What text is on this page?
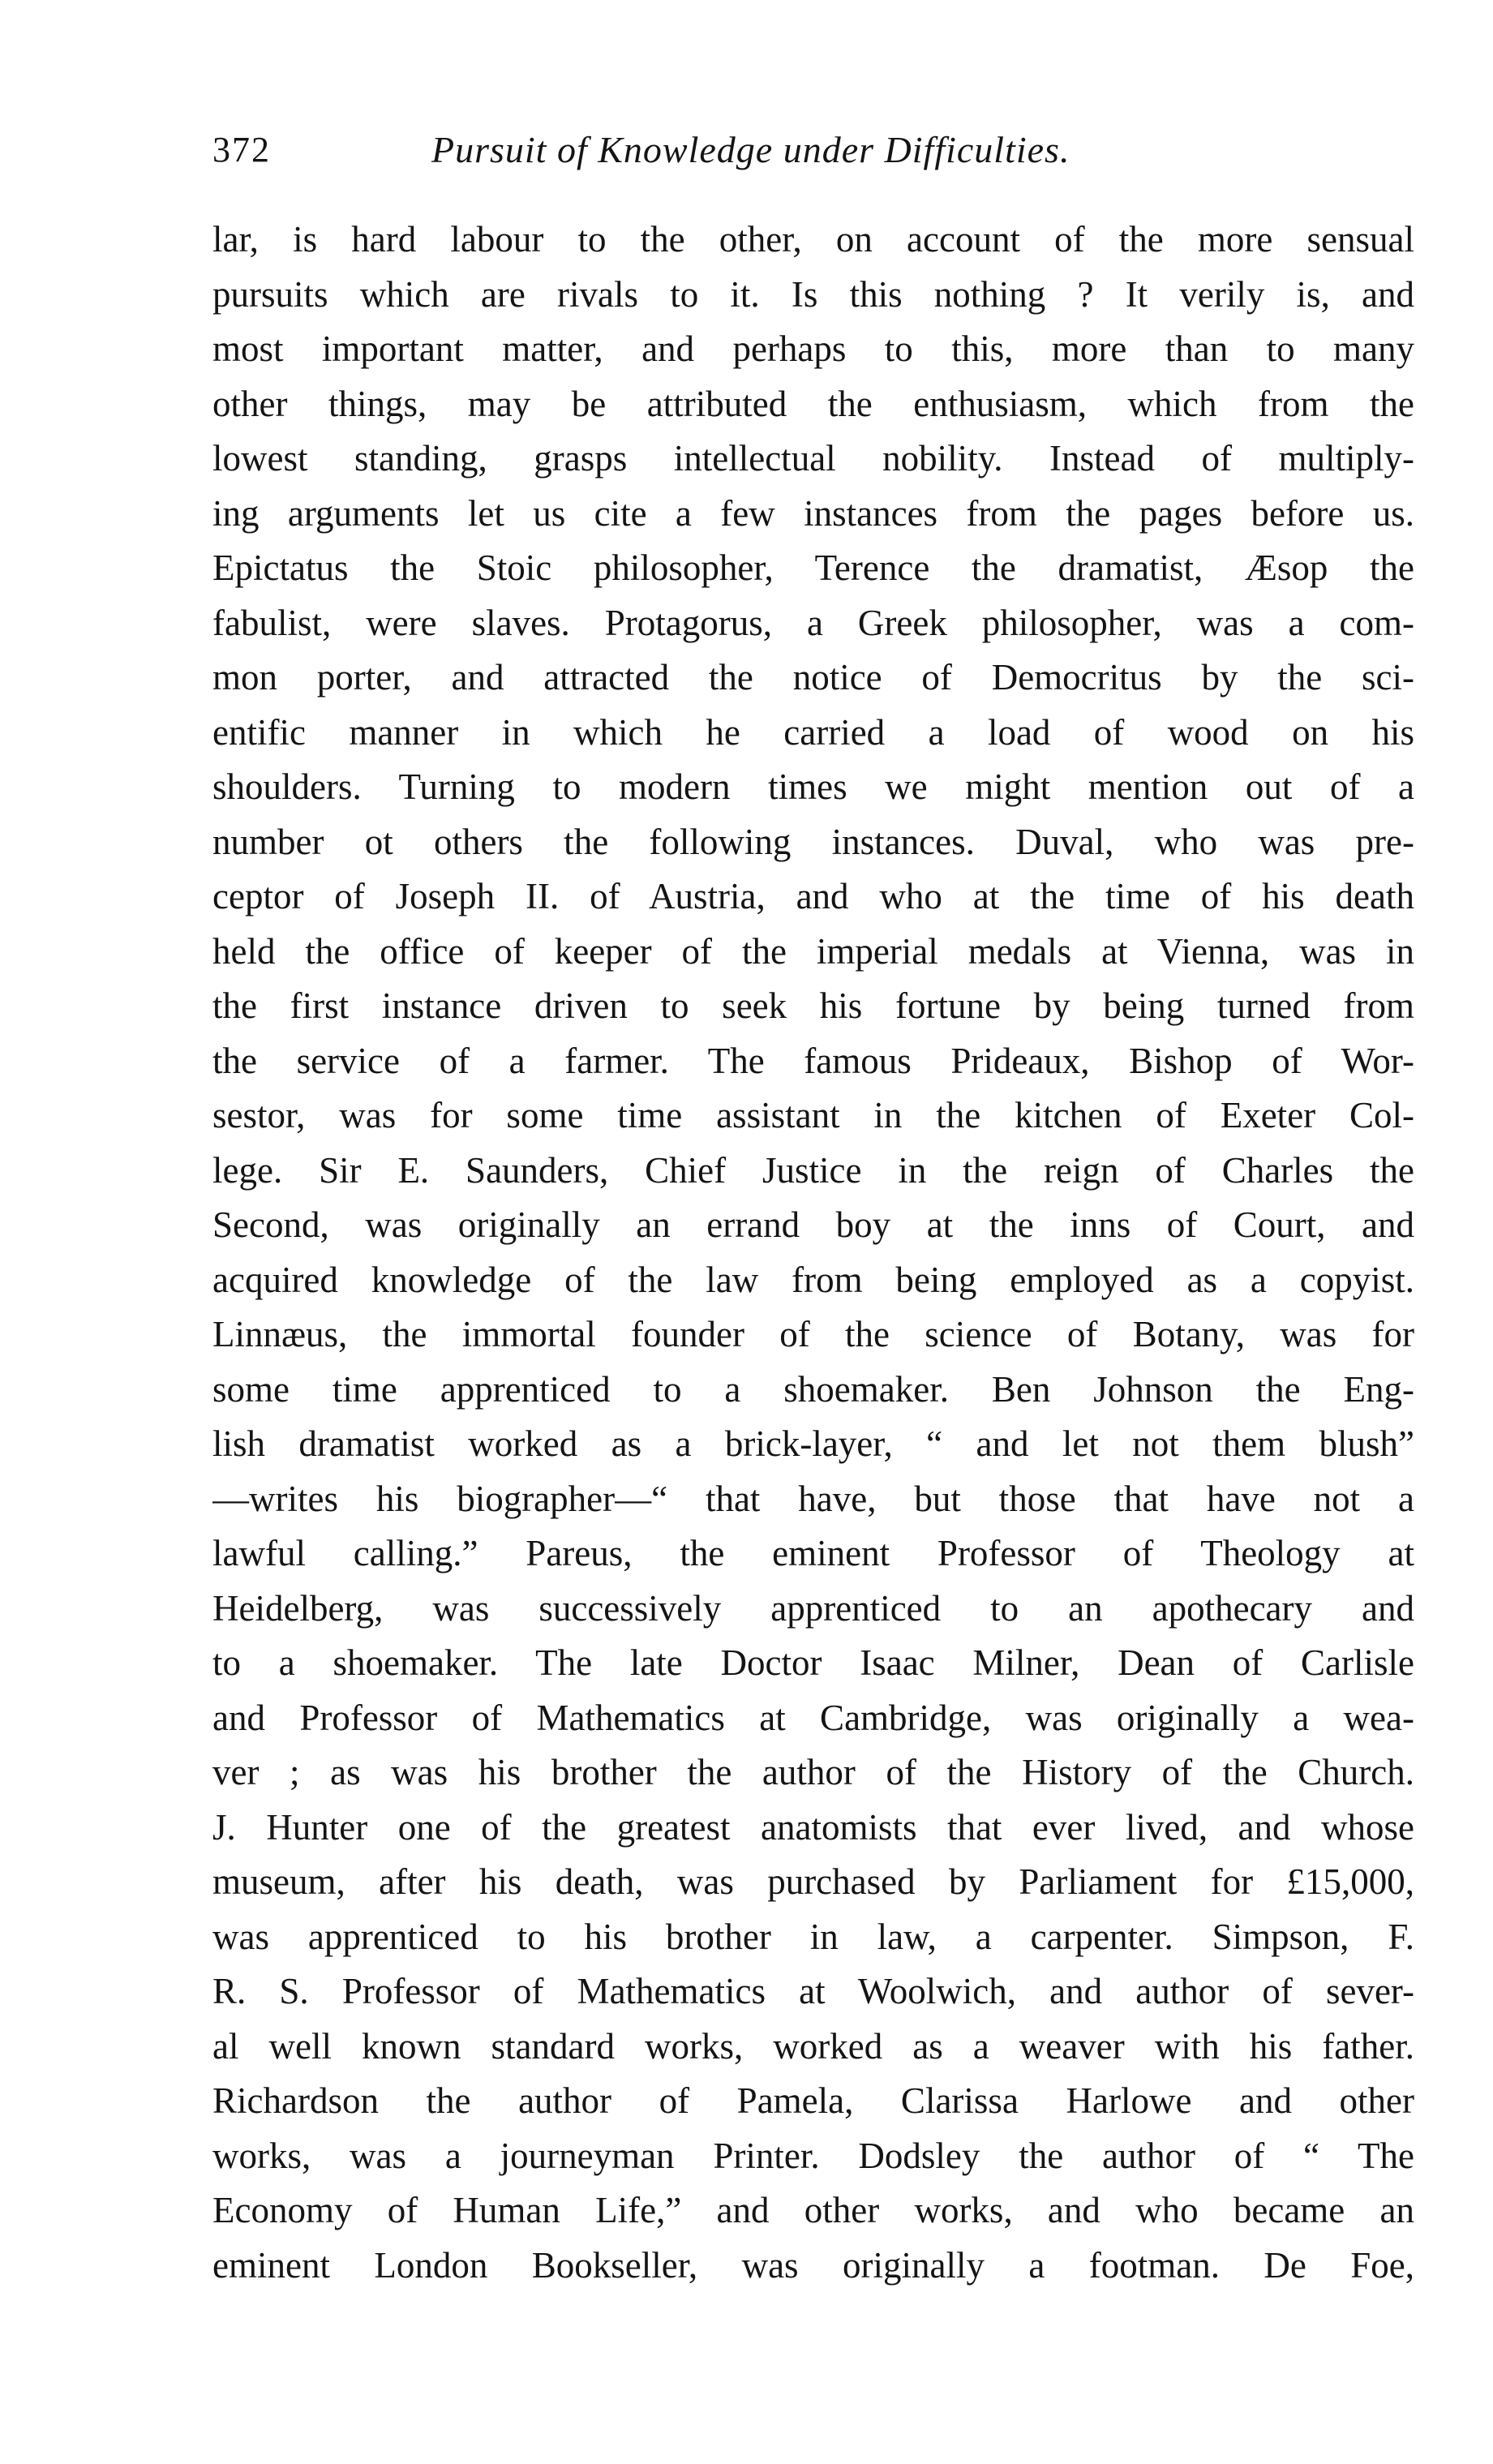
372	Pursuit of Knowledge under Difficulties.
lar, is hard labour to the other, on account of the more sensual
pursuits which are rivals to it. Is this nothing ? It verily is, and
most important matter, and perhaps to this, more than to many
other things, may be attributed the enthusiasm, which from the
lowest standing, grasps intellectual nobility. Instead of multiply-
ing arguments let us cite a few instances from the pages before us.
Epictatus the Stoic philosopher, Terence the dramatist, Æsop the
fabulist, were slaves. Protagorus, a Greek philosopher, was a com-
mon porter, and attracted the notice of Democritus by the sci-
entific manner in which he carried a load of wood on his
shoulders. Turning to modern times we might mention out of a
number ot others the following instances. Duval, who was pre-
ceptor of Joseph II. of Austria, and who at the time of his death
held the office of keeper of the imperial medals at Vienna, was in
the first instance driven to seek his fortune by being turned from
the service of a farmer. The famous Prideaux, Bishop of Wor-
sestor, was for some time assistant in the kitchen of Exeter Col-
lege. Sir E. Saunders, Chief Justice in the reign of Charles the
Second, was originally an errand boy at the inns of Court, and
acquired knowledge of the law from being employed as a copyist.
Linnæus, the immortal founder of the science of Botany, was for
some time apprenticed to a shoemaker. Ben Johnson the Eng-
lish dramatist worked as a brick-layer, “ and let not them blush”
—writes his biographer—“ that have, but those that have not a
lawful calling.” Pareus, the eminent Professor of Theology at
Heidelberg, was successively apprenticed to an apothecary and
to a shoemaker. The late Doctor Isaac Milner, Dean of Carlisle
and Professor of Mathematics at Cambridge, was originally a wea-
ver ; as was his brother the author of the History of the Church.
J. Hunter one of the greatest anatomists that ever lived, and whose
museum, after his death, was purchased by Parliament for £15,000,
was apprenticed to his brother in law, a carpenter. Simpson, F.
R. S. Professor of Mathematics at Woolwich, and author of sever-
al well known standard works, worked as a weaver with his father.
Richardson the author of Pamela, Clarissa Harlowe and other
works, was a journeyman Printer. Dodsley the author of “ The
Economy of Human Life,” and other works, and who became an
eminent London Bookseller, was originally a footman. De Foe,
